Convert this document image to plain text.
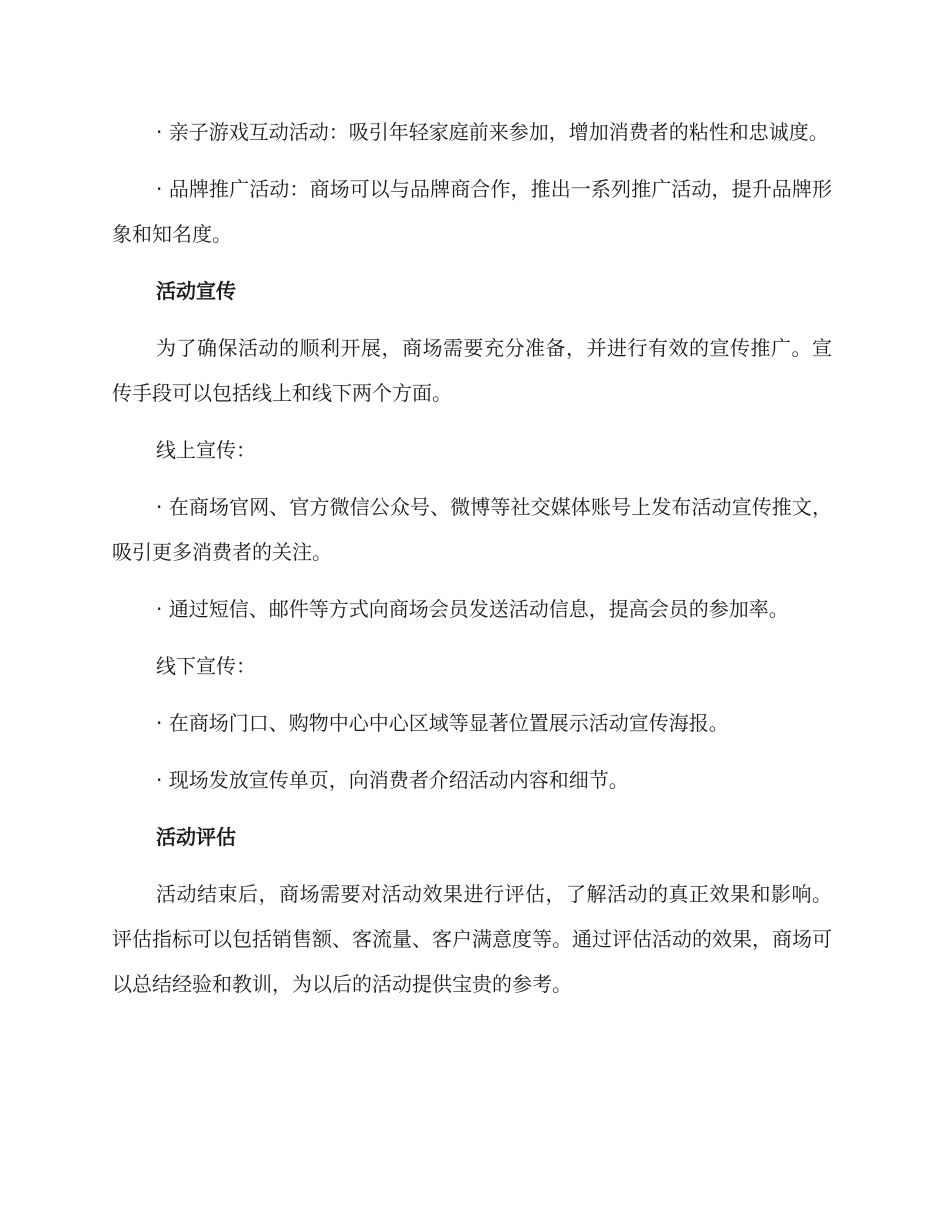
· 亲子游戏互动活动：吸引年轻家庭前来参加，增加消费者的粘性和忠诚度。

· 品牌推广活动：商场可以与品牌商合作，推出一系列推广活动，提升品牌形象和知名度。

活动宣传

为了确保活动的顺利开展，商场需要充分准备，并进行有效的宣传推广。宣传手段可以包括线上和线下两个方面。

线上宣传：

· 在商场官网、官方微信公众号、微博等社交媒体账号上发布活动宣传推文，吸引更多消费者的关注。

· 通过短信、邮件等方式向商场会员发送活动信息，提高会员的参加率。

线下宣传：

· 在商场门口、购物中心中心区域等显著位置展示活动宣传海报。

· 现场发放宣传单页，向消费者介绍活动内容和细节。

活动评估

活动结束后，商场需要对活动效果进行评估，了解活动的真正效果和影响。评估指标可以包括销售额、客流量、客户满意度等。通过评估活动的效果，商场可以总结经验和教训，为以后的活动提供宝贵的参考。
